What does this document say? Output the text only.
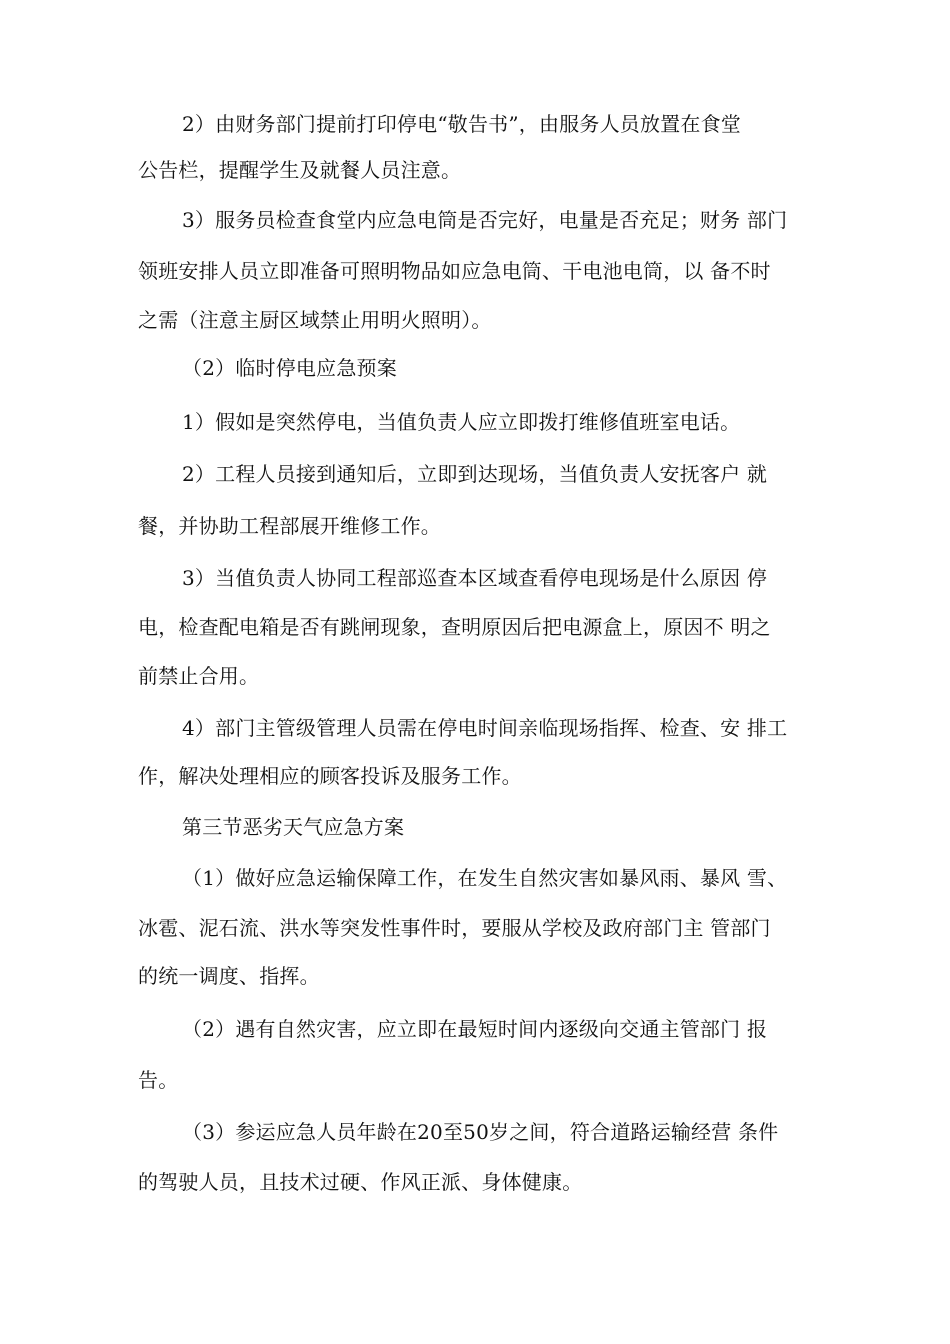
2）由财务部门提前打印停电“敬告书”，由服务人员放置在食堂
公告栏，提醒学生及就餐人员注意。
3）服务员检查食堂内应急电筒是否完好，电量是否充足；财务 部门
领班安排人员立即准备可照明物品如应急电筒、干电池电筒，以 备不时
之需（注意主厨区域禁止用明火照明）。
（2）临时停电应急预案
1）假如是突然停电，当值负责人应立即拨打维修值班室电话。
2）工程人员接到通知后，立即到达现场，当值负责人安抚客户 就
餐，并协助工程部展开维修工作。
3）当值负责人协同工程部巡查本区域查看停电现场是什么原因 停
电，检查配电箱是否有跳闸现象，查明原因后把电源盒上，原因不 明之
前禁止合用。
4）部门主管级管理人员需在停电时间亲临现场指挥、检查、安 排工
作，解决处理相应的顾客投诉及服务工作。
第三节恶劣天气应急方案
（1）做好应急运输保障工作，在发生自然灾害如暴风雨、暴风 雪、
冰雹、泥石流、洪水等突发性事件时，要服从学校及政府部门主 管部门
的统一调度、指挥。
（2）遇有自然灾害，应立即在最短时间内逐级向交通主管部门 报
告。
（3）参运应急人员年龄在20至50岁之间，符合道路运输经营 条件
的驾驶人员，且技术过硬、作风正派、身体健康。
